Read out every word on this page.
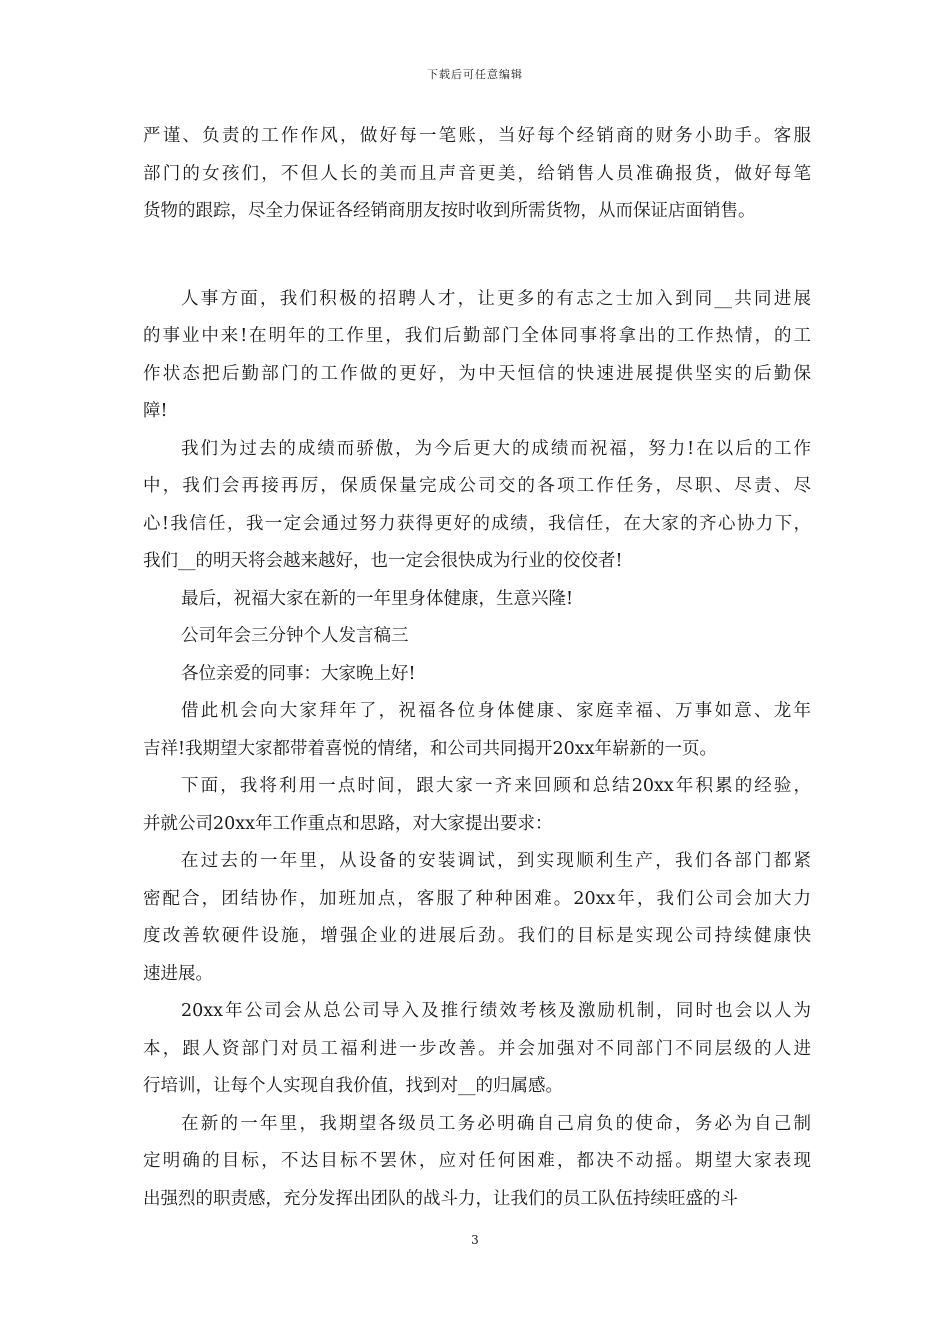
下载后可任意编辑
严谨、负责的工作作风，做好每一笔账，当好每个经销商的财务小助手。客服
部门的女孩们，不但人长的美而且声音更美，给销售人员准确报货，做好每笔
货物的跟踪，尽全力保证各经销商朋友按时收到所需货物，从而保证店面销售。
人事方面，我们积极的招聘人才，让更多的有志之士加入到同__共同进展
的事业中来!在明年的工作里，我们后勤部门全体同事将拿出的工作热情，的工
作状态把后勤部门的工作做的更好，为中天恒信的快速进展提供坚实的后勤保
障!
我们为过去的成绩而骄傲，为今后更大的成绩而祝福，努力!在以后的工作
中，我们会再接再厉，保质保量完成公司交的各项工作任务，尽职、尽责、尽
心!我信任，我一定会通过努力获得更好的成绩，我信任，在大家的齐心协力下，
我们__的明天将会越来越好，也一定会很快成为行业的佼佼者!
最后，祝福大家在新的一年里身体健康，生意兴隆!
公司年会三分钟个人发言稿三
各位亲爱的同事：大家晚上好!
借此机会向大家拜年了，祝福各位身体健康、家庭幸福、万事如意、龙年
吉祥!我期望大家都带着喜悦的情绪，和公司共同揭开20xx年崭新的一页。
下面，我将利用一点时间，跟大家一齐来回顾和总结20xx年积累的经验，
并就公司20xx年工作重点和思路，对大家提出要求：
在过去的一年里，从设备的安装调试，到实现顺利生产，我们各部门都紧
密配合，团结协作，加班加点，客服了种种困难。20xx年，我们公司会加大力
度改善软硬件设施，增强企业的进展后劲。我们的目标是实现公司持续健康快
速进展。
20xx年公司会从总公司导入及推行绩效考核及激励机制，同时也会以人为
本，跟人资部门对员工福利进一步改善。并会加强对不同部门不同层级的人进
行培训，让每个人实现自我价值，找到对__的归属感。
在新的一年里，我期望各级员工务必明确自己肩负的使命，务必为自己制
定明确的目标，不达目标不罢休，应对任何困难，都决不动摇。期望大家表现
出强烈的职责感，充分发挥出团队的战斗力，让我们的员工队伍持续旺盛的斗
3
